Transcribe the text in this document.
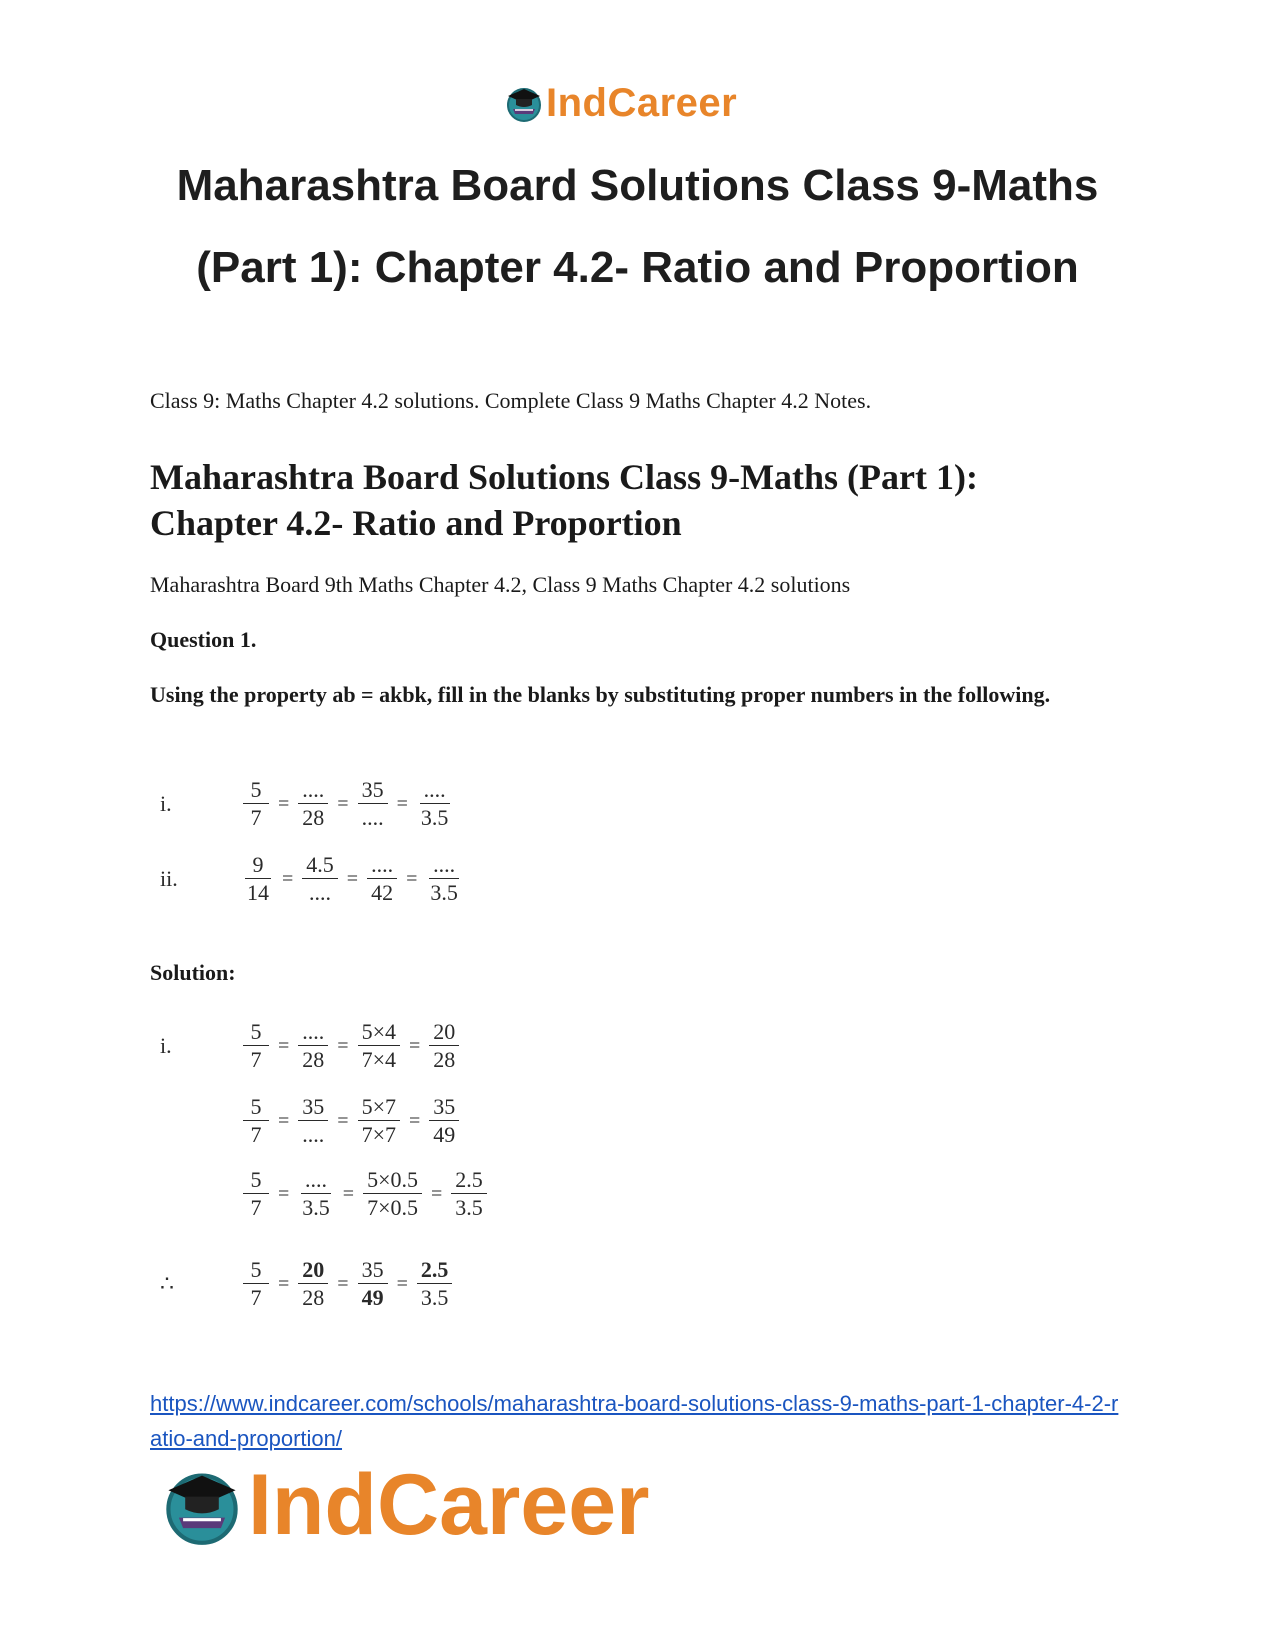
IndCareer
Maharashtra Board Solutions Class 9-Maths
(Part 1): Chapter 4.2- Ratio and Proportion

Class 9: Maths Chapter 4.2 solutions. Complete Class 9 Maths Chapter 4.2 Notes.

Maharashtra Board Solutions Class 9-Maths (Part 1):
Chapter 4.2- Ratio and Proportion

Maharashtra Board 9th Maths Chapter 4.2, Class 9 Maths Chapter 4.2 solutions

Question 1.

Using the property ab = akbk, fill in the blanks by substituting proper numbers in the following.

i.	$\frac{5}{7} = \frac{....}{28} = \frac{35}{....} = \frac{....}{3.5}$
ii.	$\frac{9}{14} = \frac{4.5}{....} = \frac{....}{42} = \frac{....}{3.5}$

Solution:

i.	$\frac{5}{7} = \frac{....}{28} = \frac{5\times 4}{7\times 4} = \frac{20}{28}$
$\frac{5}{7} = \frac{35}{....} = \frac{5\times 7}{7\times 7} = \frac{35}{49}$
$\frac{5}{7} = \frac{....}{3.5} = \frac{5\times 0.5}{7\times 0.5} = \frac{2.5}{3.5}$
∴	$\frac{5}{7} = \frac{20}{28} = \frac{35}{49} = \frac{2.5}{3.5}$

https://www.indcareer.com/schools/maharashtra-board-solutions-class-9-maths-part-1-chapter-4-2-ratio-and-proportion/

IndCareer
